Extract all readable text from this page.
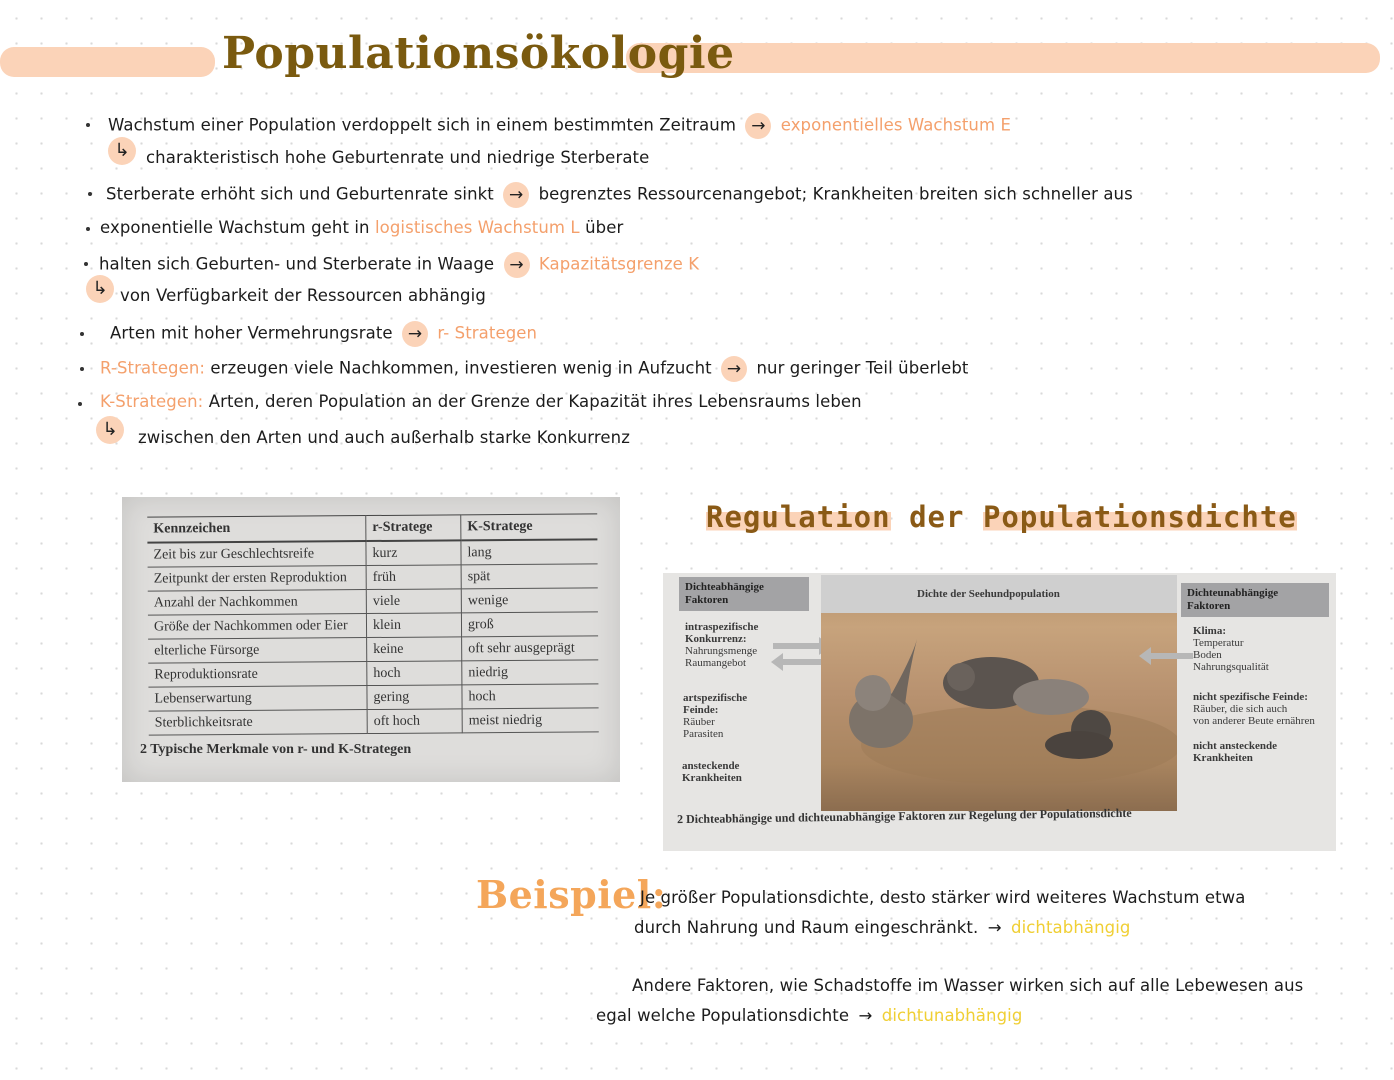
Populationsökologie
Wachstum einer Population verdoppelt sich in einem bestimmten Zeitraum → exponentielles Wachstum E
↳ charakteristisch hohe Geburtenrate und niedrige Sterberate
Sterberate erhöht sich und Geburtenrate sinkt → begrenztes Ressourcenangebot; Krankheiten breiten sich schneller aus
exponentielle Wachstum geht in logistisches Wachstum L über
halten sich Geburten- und Sterberate in Waage → Kapazitätsgrenze K
↳ von Verfügbarkeit der Ressourcen abhängig
Arten mit hoher Vermehrungsrate → r- Strategen
R-Strategen: erzeugen viele Nachkommen, investieren wenig in Aufzucht → nur geringer Teil überlebt
K-Strategen: Arten, deren Population an der Grenze der Kapazität ihres Lebensraums leben
↳	zwischen den Arten und auch außerhalb starke Konkurrenz
Kennzeichen	r-Stratege	K-Stratege
Zeit bis zur Geschlechtsreife	kurz	lang
Zeitpunkt der ersten Reproduktion	früh	spät
Anzahl der Nachkommen	viele	wenige
Größe der Nachkommen oder Eier	klein	groß
elterliche Fürsorge	keine	oft sehr ausgeprägt
Reproduktionsrate	hoch	niedrig
Lebenserwartung	gering	hoch
Sterblichkeitsrate	oft hoch	meist niedrig
2 Typische Merkmale von r- und K-Strategen
Regulation der Populationsdichte
Dichteabhängige Faktoren
Dichteunabhängige Faktoren
intraspezifische Konkurrenz:
Nahrungsmenge
Raumangebot
artspezifische Feinde:
Räuber
Parasiten
ansteckende Krankheiten
Dichte der Seehundpopulation
Klima:
Temperatur
Boden
Nahrungsqualität
nicht spezifische Feinde:
Räuber, die sich auch
von anderer Beute ernähren
nicht ansteckende Krankheiten
2 Dichteabhängige und dichteunabhängige Faktoren zur Regelung der Populationsdichte
Beispiel:
Je größer Populationsdichte, desto stärker wird weiteres Wachstum etwa
durch Nahrung und Raum eingeschränkt. → dichtabhängig
Andere Faktoren, wie Schadstoffe im Wasser wirken sich auf alle Lebewesen aus
egal welche Populationsdichte → dichtunabhängig
